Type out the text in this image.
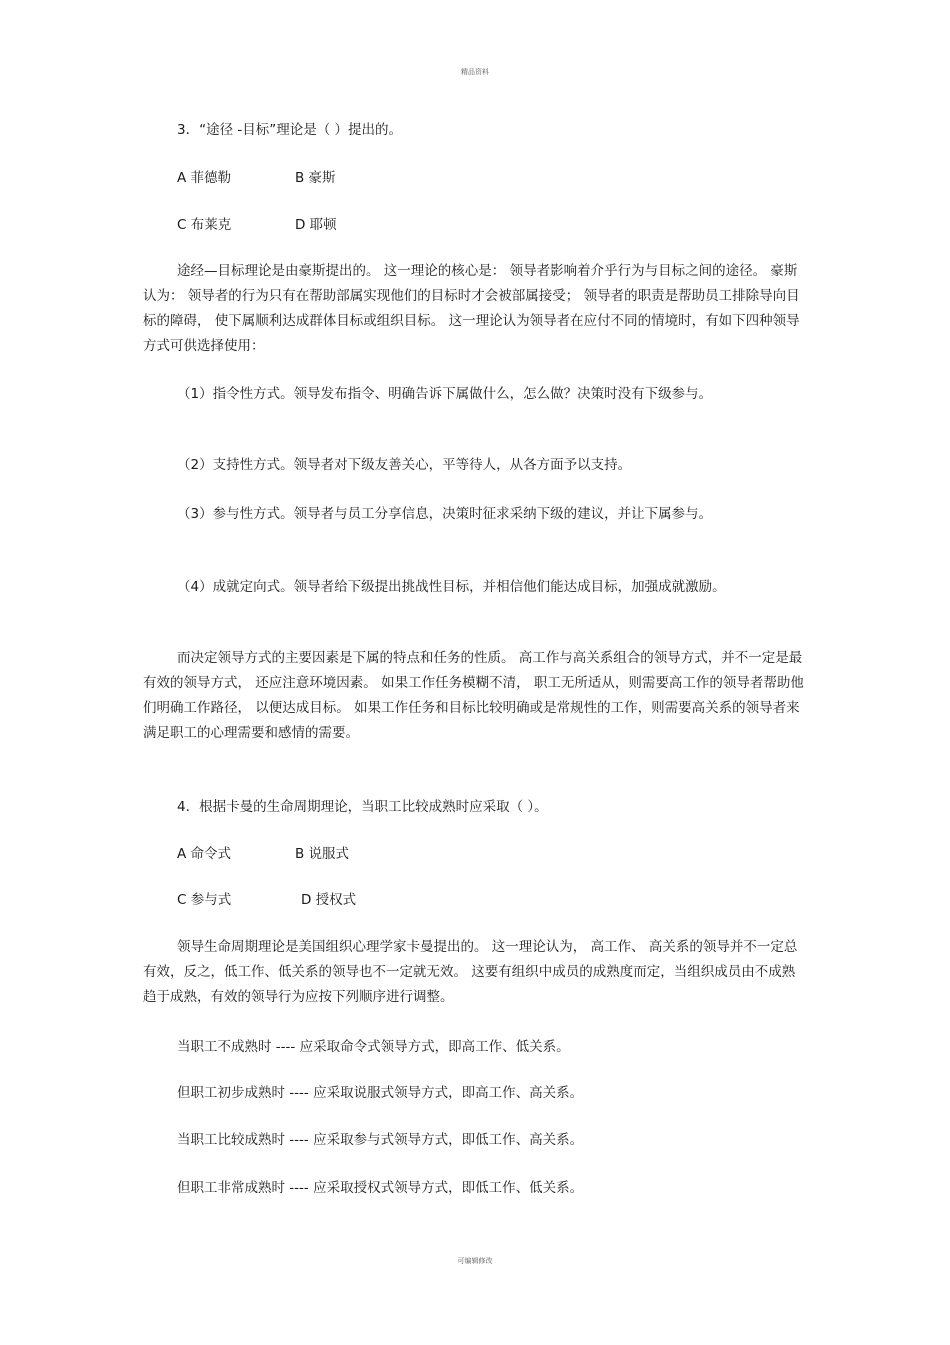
精品资料

3．“途径 -目标”理论是（ ）提出的。

A 菲德勒	B 豪斯

C 布莱克	D 耶顿

途经—目标理论是由豪斯提出的。 这一理论的核心是： 领导者影响着介乎行为与目标之间的途径。 豪斯认为： 领导者的行为只有在帮助部属实现他们的目标时才会被部属接受； 领导者的职责是帮助员工排除导向目标的障碍， 使下属顺利达成群体目标或组织目标。 这一理论认为领导者在应付不同的情境时，有如下四种领导方式可供选择使用：

（1）指令性方式。领导发布指令、明确告诉下属做什么，怎么做？决策时没有下级参与。

（2）支持性方式。领导者对下级友善关心，平等待人，从各方面予以支持。

（3）参与性方式。领导者与员工分享信息，决策时征求采纳下级的建议，并让下属参与。

（4）成就定向式。领导者给下级提出挑战性目标，并相信他们能达成目标，加强成就激励。

而决定领导方式的主要因素是下属的特点和任务的性质。 高工作与高关系组合的领导方式，并不一定是最有效的领导方式， 还应注意环境因素。 如果工作任务模糊不清， 职工无所适从，则需要高工作的领导者帮助他们明确工作路径， 以便达成目标。 如果工作任务和目标比较明确或是常规性的工作，则需要高关系的领导者来满足职工的心理需要和感情的需要。

4．根据卡曼的生命周期理论，当职工比较成熟时应采取（ ）。

A 命令式	B 说服式

C 参与式	D 授权式

领导生命周期理论是美国组织心理学家卡曼提出的。 这一理论认为， 高工作、 高关系的领导并不一定总有效，反之，低工作、低关系的领导也不一定就无效。 这要有组织中成员的成熟度而定，当组织成员由不成熟趋于成熟，有效的领导行为应按下列顺序进行调整。

当职工不成熟时 ---- 应采取命令式领导方式，即高工作、低关系。

但职工初步成熟时 ---- 应采取说服式领导方式，即高工作、高关系。

当职工比较成熟时 ---- 应采取参与式领导方式，即低工作、高关系。

但职工非常成熟时 ---- 应采取授权式领导方式，即低工作、低关系。

可编辑修改
